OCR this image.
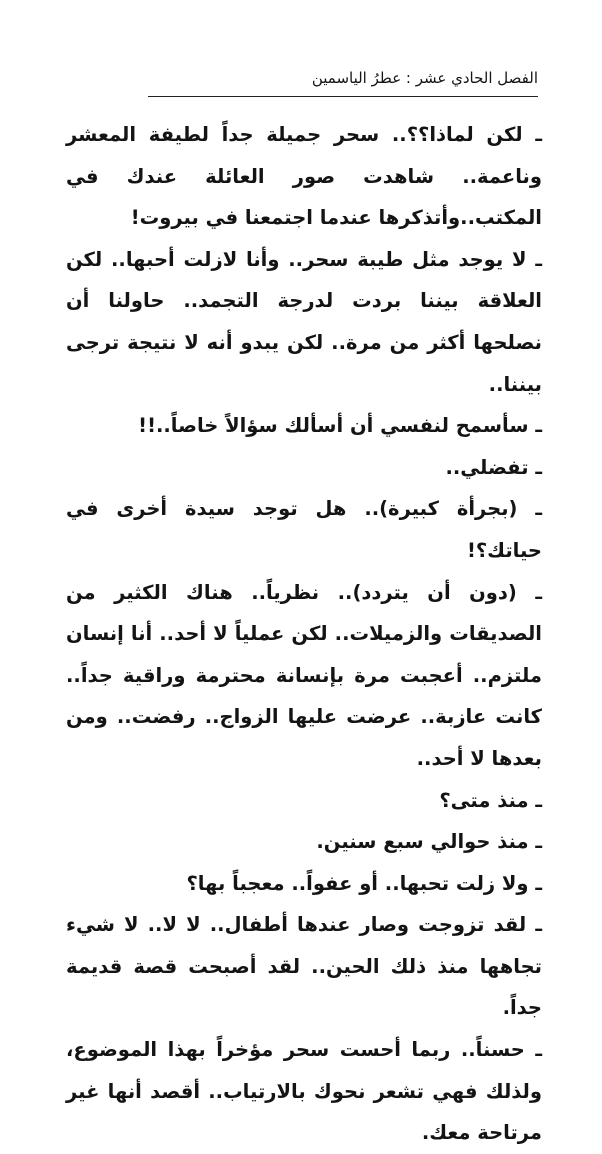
الفصل الحادي عشر : عطرُ الياسمين

ـ لكن لماذا؟؟.. سحر جميلة جداً لطيفة المعشر وناعمة.. شاهدت صور العائلة عندك في المكتب..وأتذكرها عندما اجتمعنا في بيروت!

ـ لا يوجد مثل طيبة سحر.. وأنا لازلت أحبها.. لكن العلاقة بيننا بردت لدرجة التجمد.. حاولنا أن نصلحها أكثر من مرة.. لكن يبدو أنه لا نتيجة ترجى بيننا..

ـ سأسمح لنفسي أن أسألك سؤالاً خاصاً..!!

ـ تفضلي..

ـ (بجرأة كبيرة).. هل توجد سيدة أخرى في حياتك؟!

ـ (دون أن يتردد).. نظرياً.. هناك الكثير من الصديقات والزميلات.. لكن عملياً لا أحد.. أنا إنسان ملتزم.. أعجبت مرة بإنسانة محترمة وراقية جداً.. كانت عازبة.. عرضت عليها الزواج.. رفضت.. ومن بعدها لا أحد..

ـ منذ متى؟

ـ منذ حوالي سبع سنين.

ـ ولا زلت تحبها.. أو عفواً.. معجباً بها؟

ـ لقد تزوجت وصار عندها أطفال.. لا لا.. لا شيء تجاهها منذ ذلك الحين.. لقد أصبحت قصة قديمة جداً.

ـ حسناً.. ربما أحست سحر مؤخراً بهذا الموضوع، ولذلك فهي تشعر نحوك بالارتياب.. أقصد أنها غير مرتاحة معك.
